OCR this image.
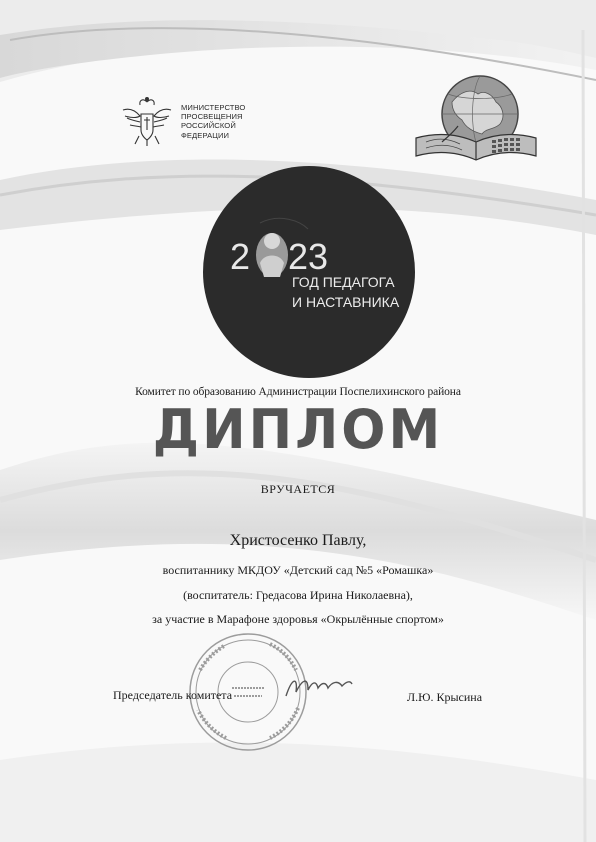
МИНИСТЕРСТВО
ПРОСВЕЩЕНИЯ
РОССИЙСКОЙ
ФЕДЕРАЦИИ
2 23
ГОД ПЕДАГОГА
И НАСТАВНИКА
Комитет по образованию Администрации Поспелихинского района
ДИПЛОМ
ВРУЧАЕТСЯ
Христосенко Павлу,
воспитаннику МКДОУ «Детский сад №5 «Ромашка»
(воспитатель: Гредасова Ирина Николаевна),
за участие в Марафоне здоровья «Окрылённые спортом»
Председатель комитета	Л.Ю. Крысина
